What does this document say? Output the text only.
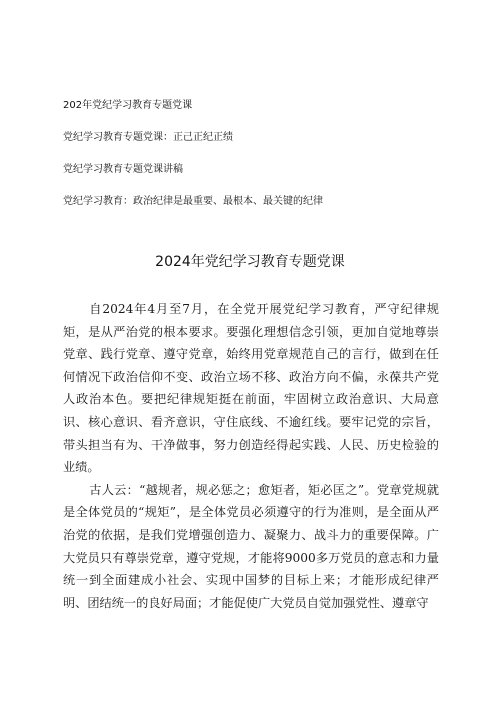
202年党纪学习教育专题党课
党纪学习教育专题党课：正己正纪正绩
党纪学习教育专题党课讲稿
党纪学习教育：政治纪律是最重要、最根本、最关键的纪律
2024年党纪学习教育专题党课

自2024年4月至7月，在全党开展党纪学习教育，严守纪律规矩，是从严治党的根本要求。要强化理想信念引领，更加自觉地尊崇党章、践行党章、遵守党章，始终用党章规范自己的言行，做到在任何情况下政治信仰不变、政治立场不移、政治方向不偏，永葆共产党人政治本色。要把纪律规矩挺在前面，牢固树立政治意识、大局意识、核心意识、看齐意识，守住底线、不逾红线。要牢记党的宗旨，带头担当有为、干净做事，努力创造经得起实践、人民、历史检验的业绩。

古人云：“越规者，规必惩之；愈矩者，矩必匡之”。党章党规就是全体党员的“规矩”，是全体党员必须遵守的行为准则，是全面从严治党的依据，是我们党增强创造力、凝聚力、战斗力的重要保障。广大党员只有尊崇党章，遵守党规，才能将9000多万党员的意志和力量统一到全面建成小社会、实现中国梦的目标上来；才能形成纪律严明、团结统一的良好局面；才能促使广大党员自觉加强党性、遵章守
